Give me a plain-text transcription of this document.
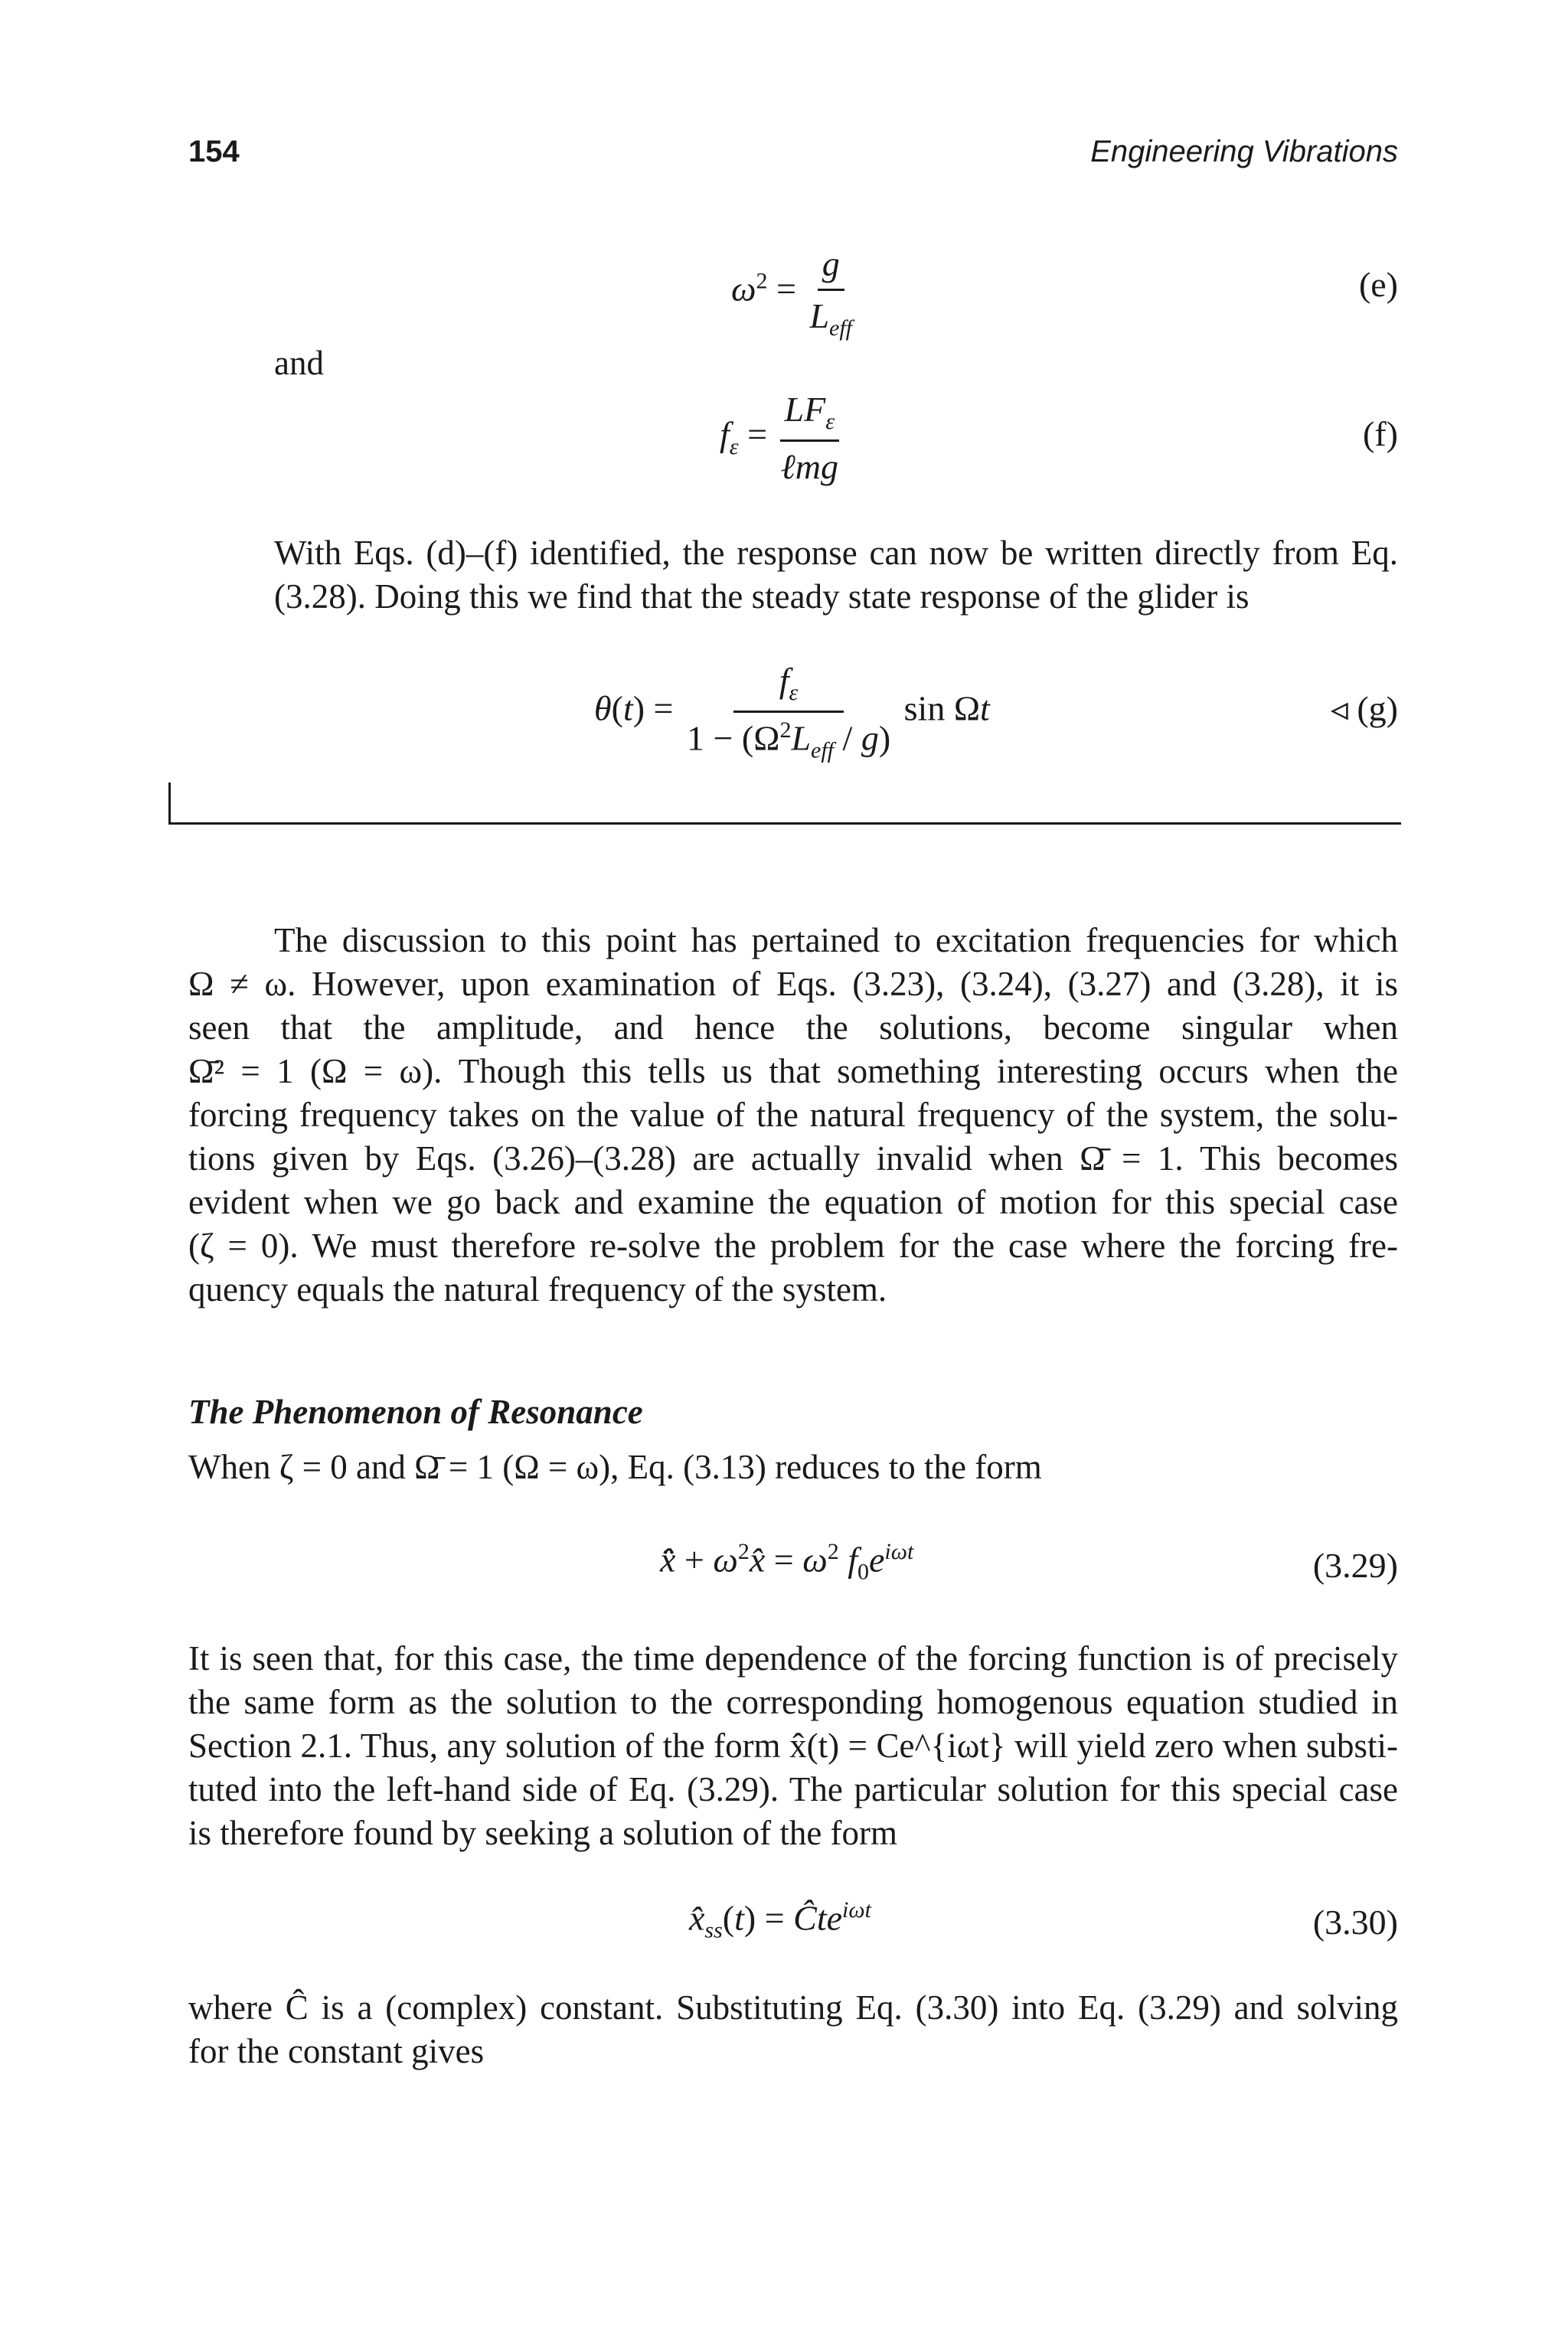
154	Engineering Vibrations
$\omega^2 = \frac{g}{L_{eff}}$	(e)
and
$f_\varepsilon = \frac{LF_\varepsilon}{\text{ℓmg}}$	(f)
With Eqs. (d)–(f) identified, the response can now be written directly from Eq.
(3.28). Doing this we find that the steady state response of the glider is
$\theta(t) = \frac{f_\varepsilon}{1 - (\Omega^2L_{eff} / g)}$ sin Ωt	◃ (g)
The discussion to this point has pertained to excitation frequencies for which
Ω ≠ ω. However, upon examination of Eqs. (3.23), (3.24), (3.27) and (3.28), it is
seen that the amplitude, and hence the solutions, become singular when
Ω̄² = 1 (Ω = ω). Though this tells us that something interesting occurs when the
forcing frequency takes on the value of the natural frequency of the system, the solu-
tions given by Eqs. (3.26)–(3.28) are actually invalid when Ω̄ = 1. This becomes
evident when we go back and examine the equation of motion for this special case
(ζ = 0). We must therefore re-solve the problem for the case where the forcing fre-
quency equals the natural frequency of the system.
The Phenomenon of Resonance
When ζ = 0 and Ω̄ = 1 (Ω = ω), Eq. (3.13) reduces to the form
x̂̈ + $\omega^2x̂ = \omega^2$ $f_0e^{i\omega t}$	(3.29)
It is seen that, for this case, the time dependence of the forcing function is of precisely
the same form as the solution to the corresponding homogenous equation studied in
Section 2.1. Thus, any solution of the form x̂(t) = Ce^{iωt} will yield zero when substi-
tuted into the left-hand side of Eq. (3.29). The particular solution for this special case
is therefore found by seeking a solution of the form
$x̂_{ss}(t)$ = Ĉte$^{i\omega t}$	(3.30)
where Ĉ is a (complex) constant. Substituting Eq. (3.30) into Eq. (3.29) and solving
for the constant gives
